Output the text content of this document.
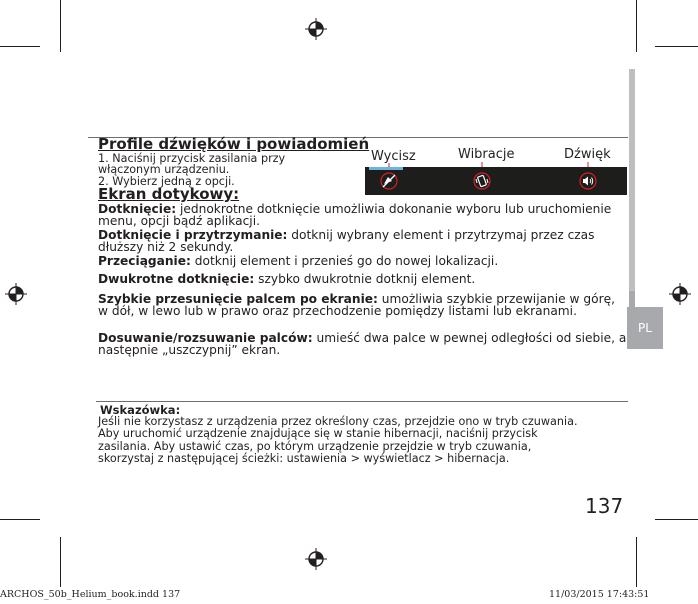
PL
Profile dźwięków i powiadomień
1. Naciśnij przycisk zasilania przy
włączonym urządzeniu.
2. Wybierz jedną z opcji.
Wycisz	Wibracje	Dźwięk
Ekran dotykowy:
Dotknięcie: jednokrotne dotknięcie umożliwia dokonanie wyboru lub uruchomienie menu, opcji bądź aplikacji.
Dotknięcie i przytrzymanie: dotknij wybrany element i przytrzymaj przez czas dłuższy niż 2 sekundy.
Przeciąganie: dotknij element i przenieś go do nowej lokalizacji.
Dwukrotne dotknięcie: szybko dwukrotnie dotknij element.
Szybkie przesunięcie palcem po ekranie: umożliwia szybkie przewijanie w górę, w dół, w lewo lub w prawo oraz przechodzenie pomiędzy listami lub ekranami.
Dosuwanie/rozsuwanie palców: umieść dwa palce w pewnej odległości od siebie, a następnie „uszczypnij” ekran.
Wskazówka:
Jeśli nie korzystasz z urządzenia przez określony czas, przejdzie ono w tryb czuwania.
Aby uruchomić urządzenie znajdujące się w stanie hibernacji, naciśnij przycisk
zasilania. Aby ustawić czas, po którym urządzenie przejdzie w tryb czuwania,
skorzystaj z następującej ścieżki: ustawienia > wyświetlacz > hibernacja.
137
ARCHOS_50b_Helium_book.indd 137	11/03/2015 17:43:51
